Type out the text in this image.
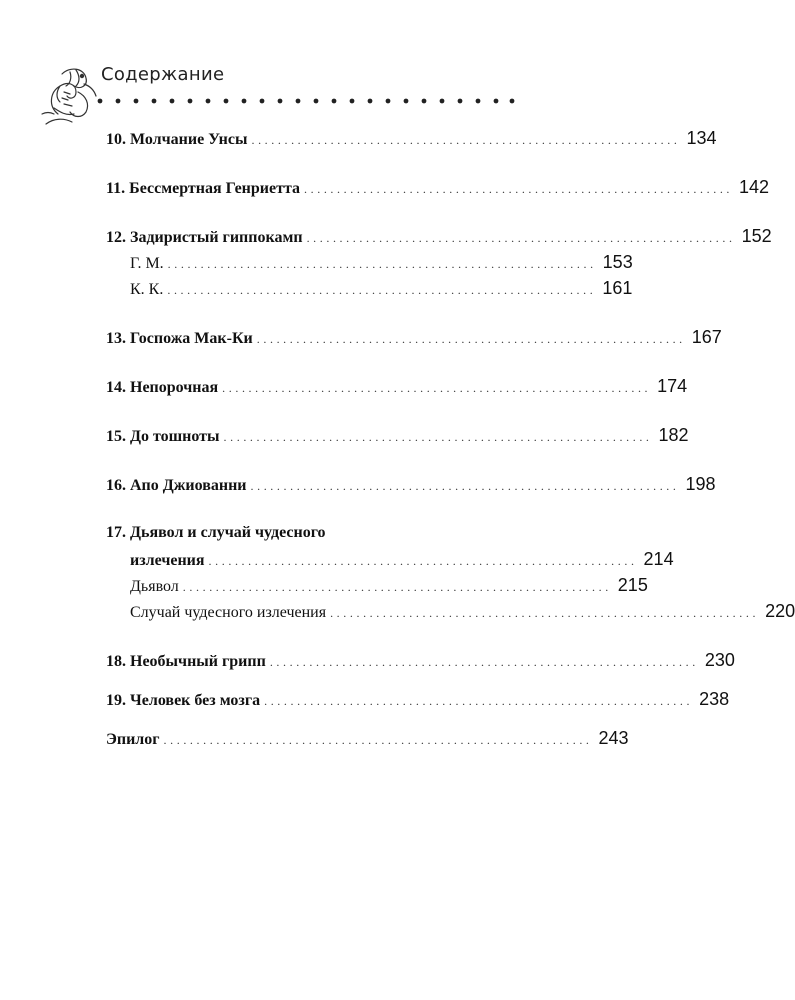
Содержание
10. Молчание Унсы ................................................................. 134
11. Бессмертная Генриетта ................................................................. 142
12. Задиристый гиппокамп ................................................................. 152
Г. М. ................................................................. 153
К. К. ................................................................. 161
13. Госпожа Мак-Ки ................................................................. 167
14. Непорочная ................................................................. 174
15. До тошноты ................................................................. 182
16. Апо Джиованни ................................................................. 198
17. Дьявол и случай чудесного
излечения ................................................................. 214
Дьявол ................................................................. 215
Случай чудесного излечения ................................................................. 220
18. Необычный грипп ................................................................. 230
19. Человек без мозга ................................................................. 238
Эпилог ................................................................. 243
